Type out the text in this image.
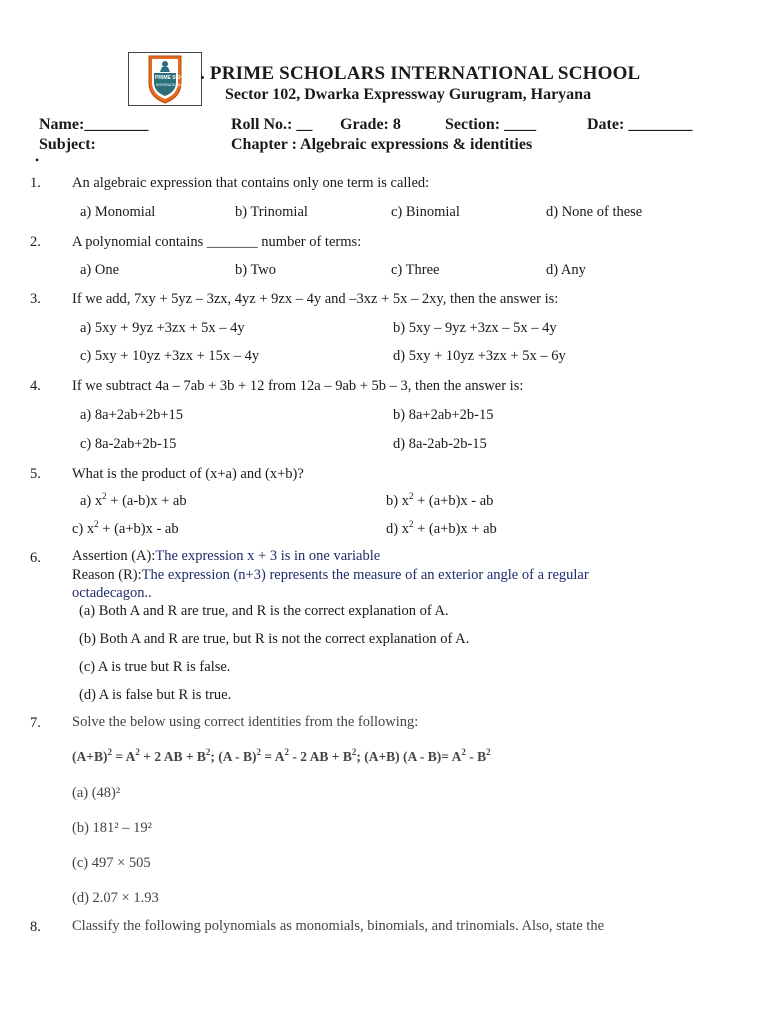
PRIME SCHOLARS
INTERNATIONAL SCHOOL
. PRIME SCHOLARS INTERNATIONAL SCHOOL
Sector 102, Dwarka Expressway Gurugram, Haryana
Name:________	Roll No.: __ Grade: 8	Section: ____	Date: ________
Subject:	Chapter : Algebraic expressions & identities
•
1. An algebraic expression that contains only one term is called:
a) Monomial	b) Trinomial	c) Binomial	d) None of these
2. A polynomial contains _______ number of terms:
a) One	b) Two	c) Three	d) Any
3. If we add, 7xy + 5yz – 3zx, 4yz + 9zx – 4y and –3xz + 5x – 2xy, then the answer is:
a) 5xy + 9yz +3zx + 5x – 4y	b) 5xy – 9yz +3zx – 5x – 4y
c) 5xy + 10yz +3zx + 15x – 4y	d) 5xy + 10yz +3zx + 5x – 6y
4. If we subtract 4a – 7ab + 3b + 12 from 12a – 9ab + 5b – 3, then the answer is:
a) 8a+2ab+2b+15	b) 8a+2ab+2b-15
c) 8a-2ab+2b-15	d) 8a-2ab-2b-15
5. What is the product of (x+a) and (x+b)?
a) $x^2 + (a-b)x$ + ab	b) $x^2 + (a+b)x$ - ab
c) $x^2 + (a+b)x$ - ab	d) $x^2 + (a+b)x$ + ab
6. Assertion (A):The expression x + 3 is in one variable
Reason (R):The expression (n+3) represents the measure of an exterior angle of a regular
octadecagon..
(a) Both A and R are true, and R is the correct explanation of A.
(b) Both A and R are true, but R is not the correct explanation of A.
(c) A is true but R is false.
(d) A is false but R is true.
7. Solve the below using correct identities from the following:
$(A+B)^2 = A^2 + 2$ AB + $B^2$; $(A - B)^2 = A^2 - 2$ AB + $B^2$; (A+B) $(A - B)= A^2 - B^2$
(a) (48)²
(b) 181² – 19²
(c) 497 × 505
(d) 2.07 × 1.93
8. Classify the following polynomials as monomials, binomials, and trinomials. Also, state the
